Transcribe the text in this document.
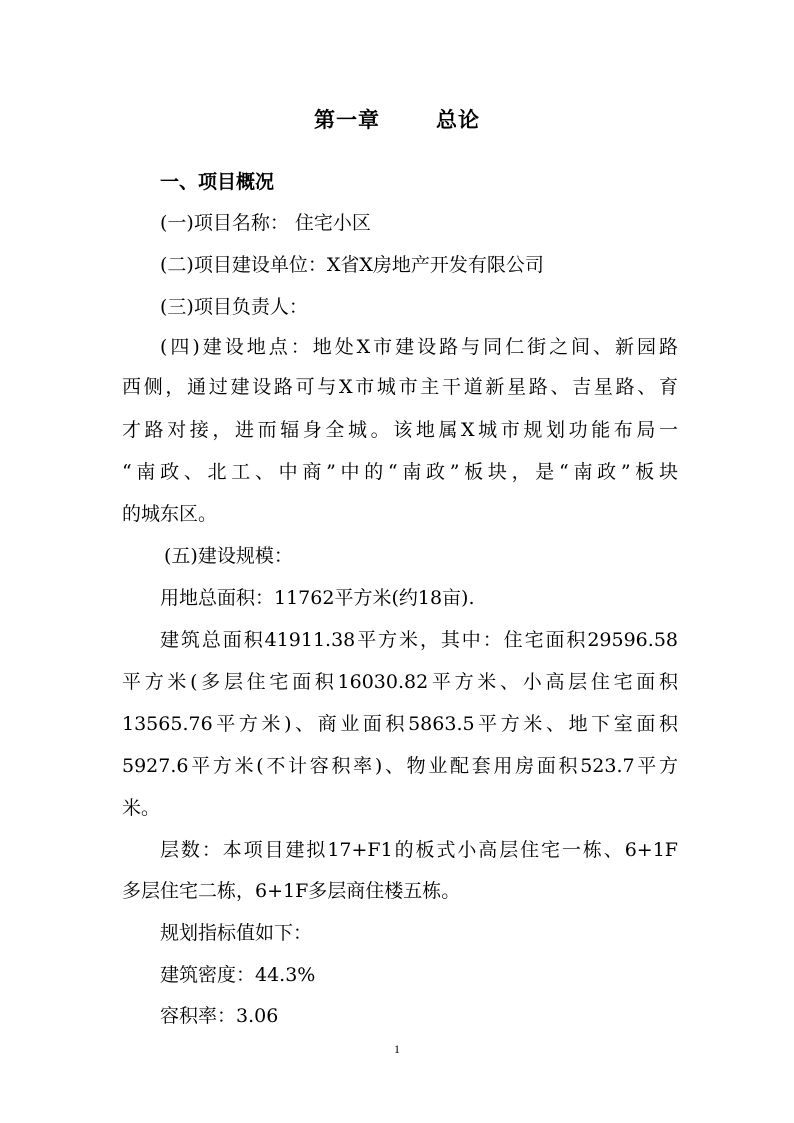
第一章	总论
一、项目概况
(一)项目名称： 住宅小区
(二)项目建设单位：X省X房地产开发有限公司
(三)项目负责人：
(四)建设地点：地处X市建设路与同仁街之间、新园路
西侧，通过建设路可与X市城市主干道新星路、吉星路、育
才路对接，进而辐身全城。该地属X城市规划功能布局一
“南政、北工、中商”中的“南政”板块，是“南政”板块
的城东区。
(五)建设规模：
用地总面积：11762平方米(约18亩).
建筑总面积41911.38平方米，其中：住宅面积29596.58
平方米(多层住宅面积16030.82平方米、小高层住宅面积
13565.76平方米)、商业面积5863.5平方米、地下室面积
5927.6平方米(不计容积率)、物业配套用房面积523.7平方
米。
层数：本项目建拟17+F1的板式小高层住宅一栋、6+1F
多层住宅二栋，6+1F多层商住楼五栋。
规划指标值如下：
建筑密度：44.3%
容积率：3.06
1
